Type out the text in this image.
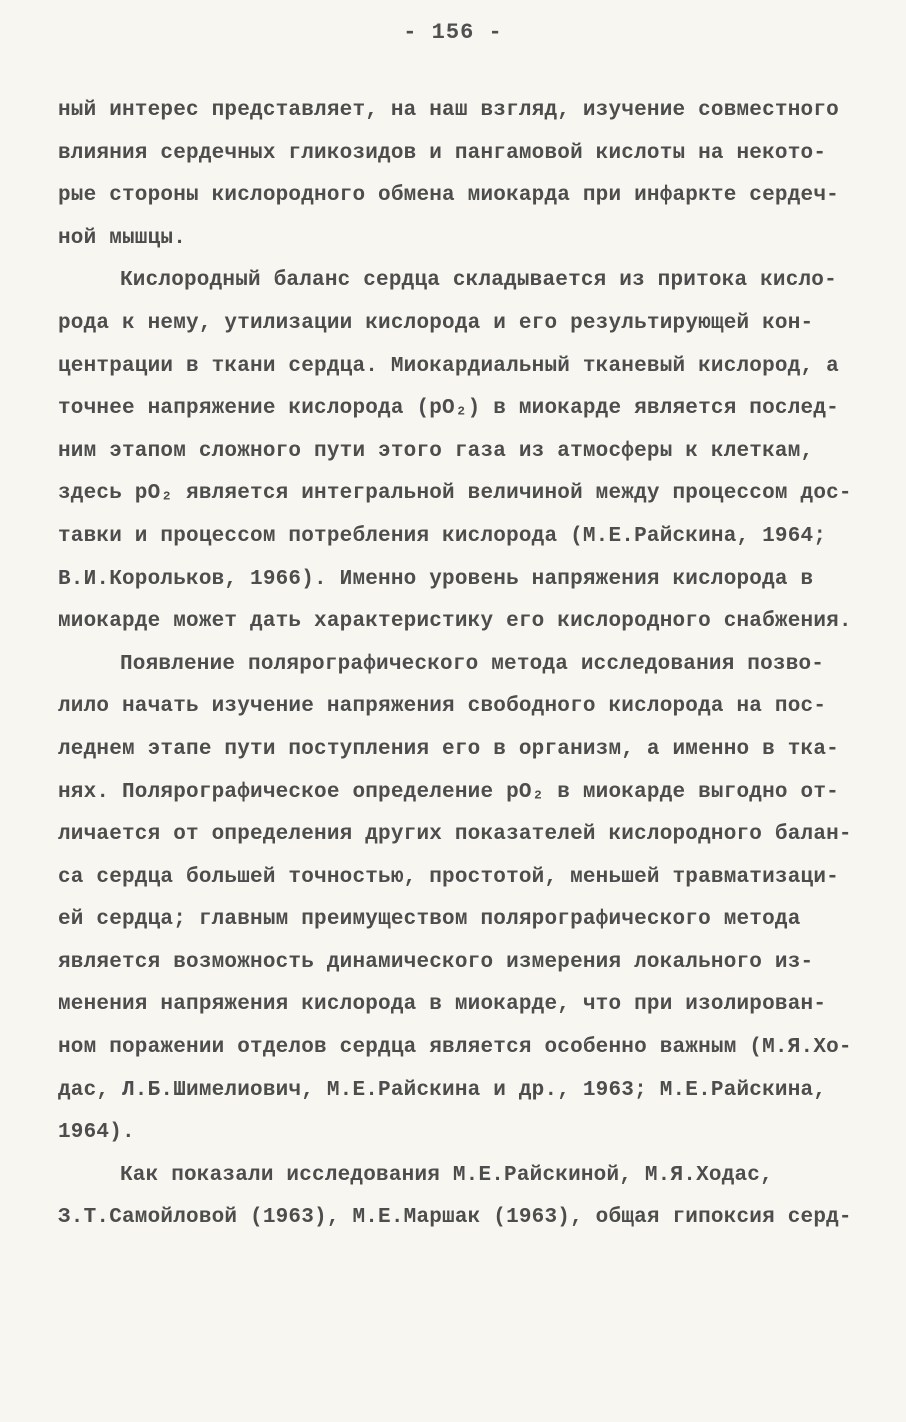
- 156 -
ный интерес представляет, на наш взгляд, изучение совместного
влияния сердечных гликозидов и пангамовой кислоты на некото-
рые стороны кислородного обмена миокарда при инфаркте сердеч-
ной мышцы.
Кислородный баланс сердца складывается из притока кисло-
рода к нему, утилизации кислорода и его результирующей кон-
центрации в ткани сердца. Миокардиальный тканевый кислород, а
точнее напряжение кислорода (pO₂) в миокарде является послед-
ним этапом сложного пути этого газа из атмосферы к клеткам,
здесь pO₂ является интегральной величиной между процессом дос-
тавки и процессом потребления кислорода (М.Е.Райскина, 1964;
В.И.Корольков, 1966). Именно уровень напряжения кислорода в
миокарде может дать характеристику его кислородного снабжения.
Появление полярографического метода исследования позво-
лило начать изучение напряжения свободного кислорода на пос-
леднем этапе пути поступления его в организм, а именно в тка-
нях. Полярографическое определение pO₂ в миокарде выгодно от-
личается от определения других показателей кислородного балан-
са сердца большей точностью, простотой, меньшей травматизаци-
ей сердца; главным преимуществом полярографического метода
является возможность динамического измерения локального из-
менения напряжения кислорода в миокарде, что при изолирован-
ном поражении отделов сердца является особенно важным (М.Я.Хо-
дас, Л.Б.Шимелиович, М.Е.Райскина и др., 1963; М.Е.Райскина,
1964).
Как показали исследования М.Е.Райскиной, М.Я.Ходас,
З.Т.Самойловой (1963), М.Е.Маршак (1963), общая гипоксия серд-
